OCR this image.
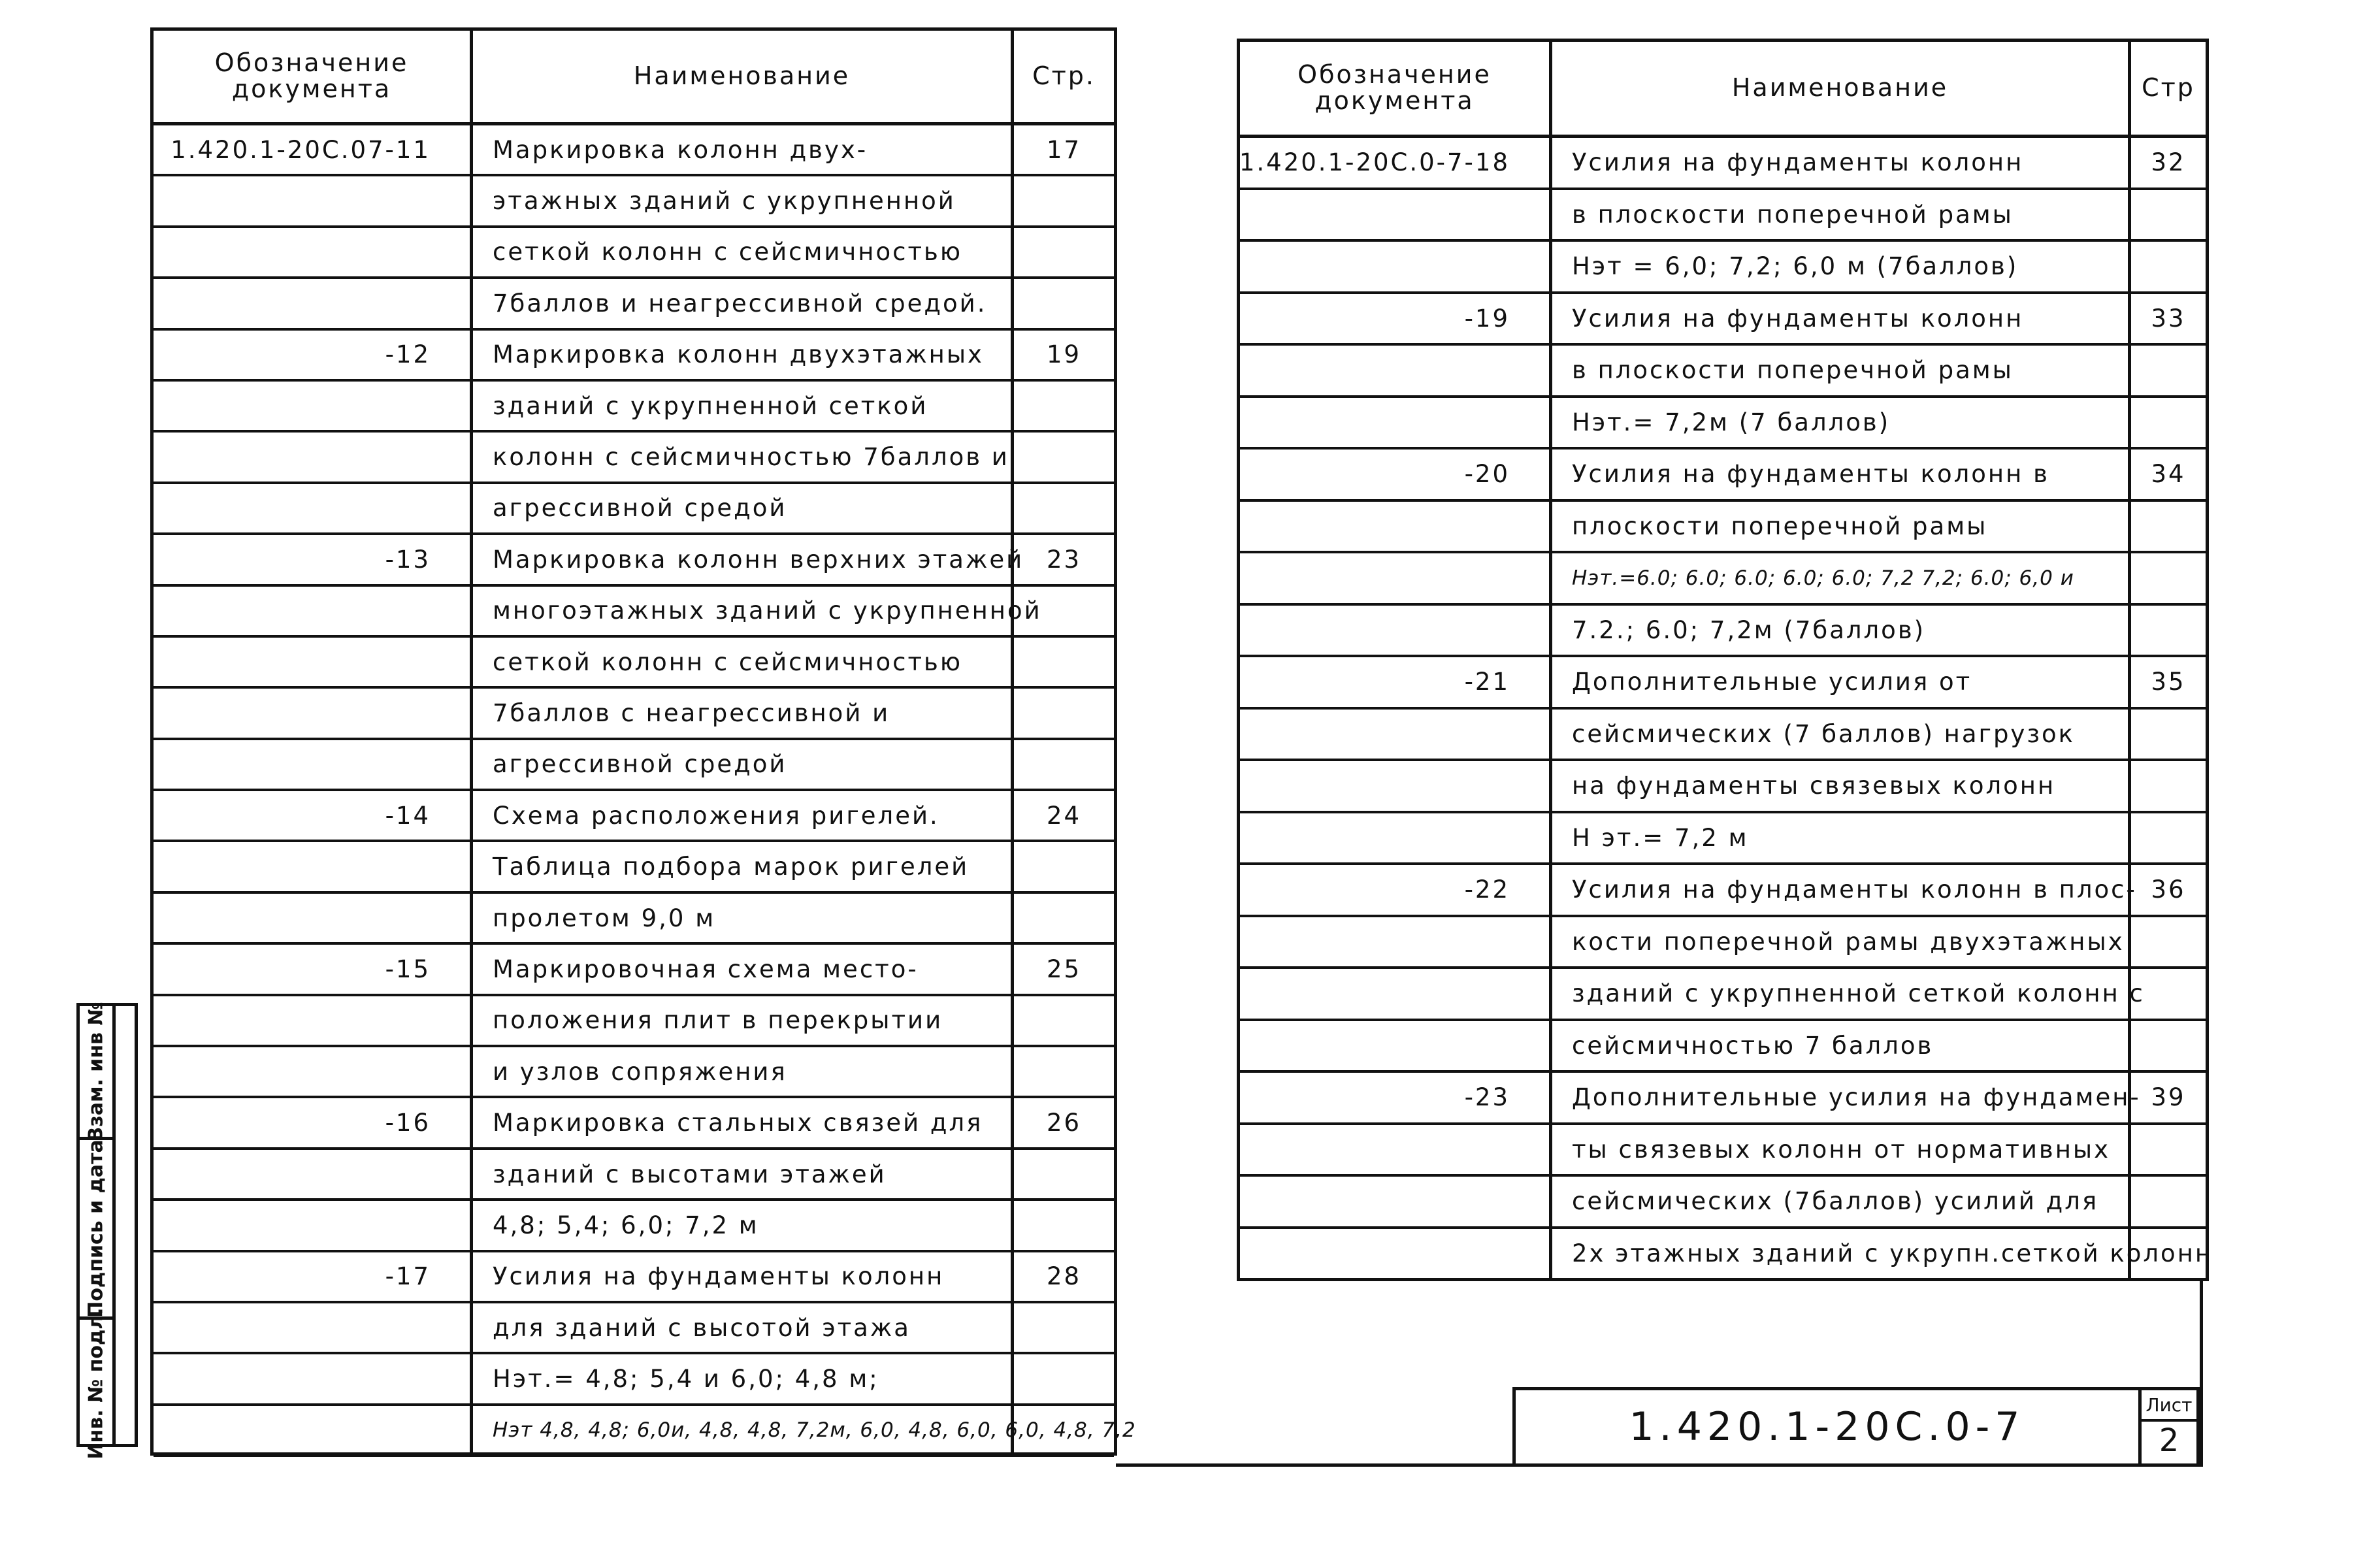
Обозначение документа	Наименование	Стр.
1.420.1-20С.07-11	Маркировка колонн двух-	17
этажных зданий с укрупненной
сеткой колонн с сейсмичностью
7баллов и неагрессивной средой.
-12	Маркировка колонн двухэтажных	19
зданий с укрупненной сеткой
колонн с сейсмичностью 7баллов и
агрессивной средой
-13	Маркировка колонн верхних этажей 23
многоэтажных зданий с укрупненной
сеткой колонн с сейсмичностью
7баллов с неагрессивной и
агрессивной средой
-14	Схема расположения ригелей.	24
Таблица подбора марок ригелей
пролетом 9,0 м
-15	Маркировочная схема место-	25
положения плит в перекрытии
и узлов сопряжения
-16	Маркировка стальных связей для	26
зданий с высотами этажей
4,8; 5,4; 6,0; 7,2 м
-17	Усилия на фундаменты колонн	28
для зданий с высотой этажа
Нэт.= 4,8; 5,4 и 6,0; 4,8 м;
Нэт 4,8, 4,8; 6,0и, 4,8, 4,8, 7,2м, 6,0, 4,8, 6,0, 6,0, 4,8, 7,2
Обозначение документа	Наименование	Стр
1.420.1-20С.0-7-18	Усилия на фундаменты колонн	32
в плоскости поперечной рамы
Нэт = 6,0; 7,2; 6,0 м (7баллов)
-19	Усилия на фундаменты колонн	33
в плоскости поперечной рамы
Нэт.= 7,2м (7 баллов)
-20	Усилия на фундаменты колонн в	34
плоскости поперечной рамы
Нэт.=6.0; 6.0; 6.0; 6.0; 6.0; 7,2 7,2; 6.0; 6,0 и
7.2.; 6.0; 7,2м (7баллов)
-21	Дополнительные усилия от	35
сейсмических (7 баллов) нагрузок
на фундаменты связевых колонн
Н эт.= 7,2 м
-22	Усилия на фундаменты колонн в плос- 36
кости поперечной рамы двухэтажных
зданий с укрупненной сеткой колонн с
сейсмичностью 7 баллов
-23	Дополнительные усилия на фундамен- 39
ты связевых колонн от нормативных
сейсмических (7баллов) усилий для
2х этажных зданий с укрупн.сеткой колонн
Взам. инв №
Подпись и дата
Инв. № подл.	1.420.1-20С.0-7	Лист
2
